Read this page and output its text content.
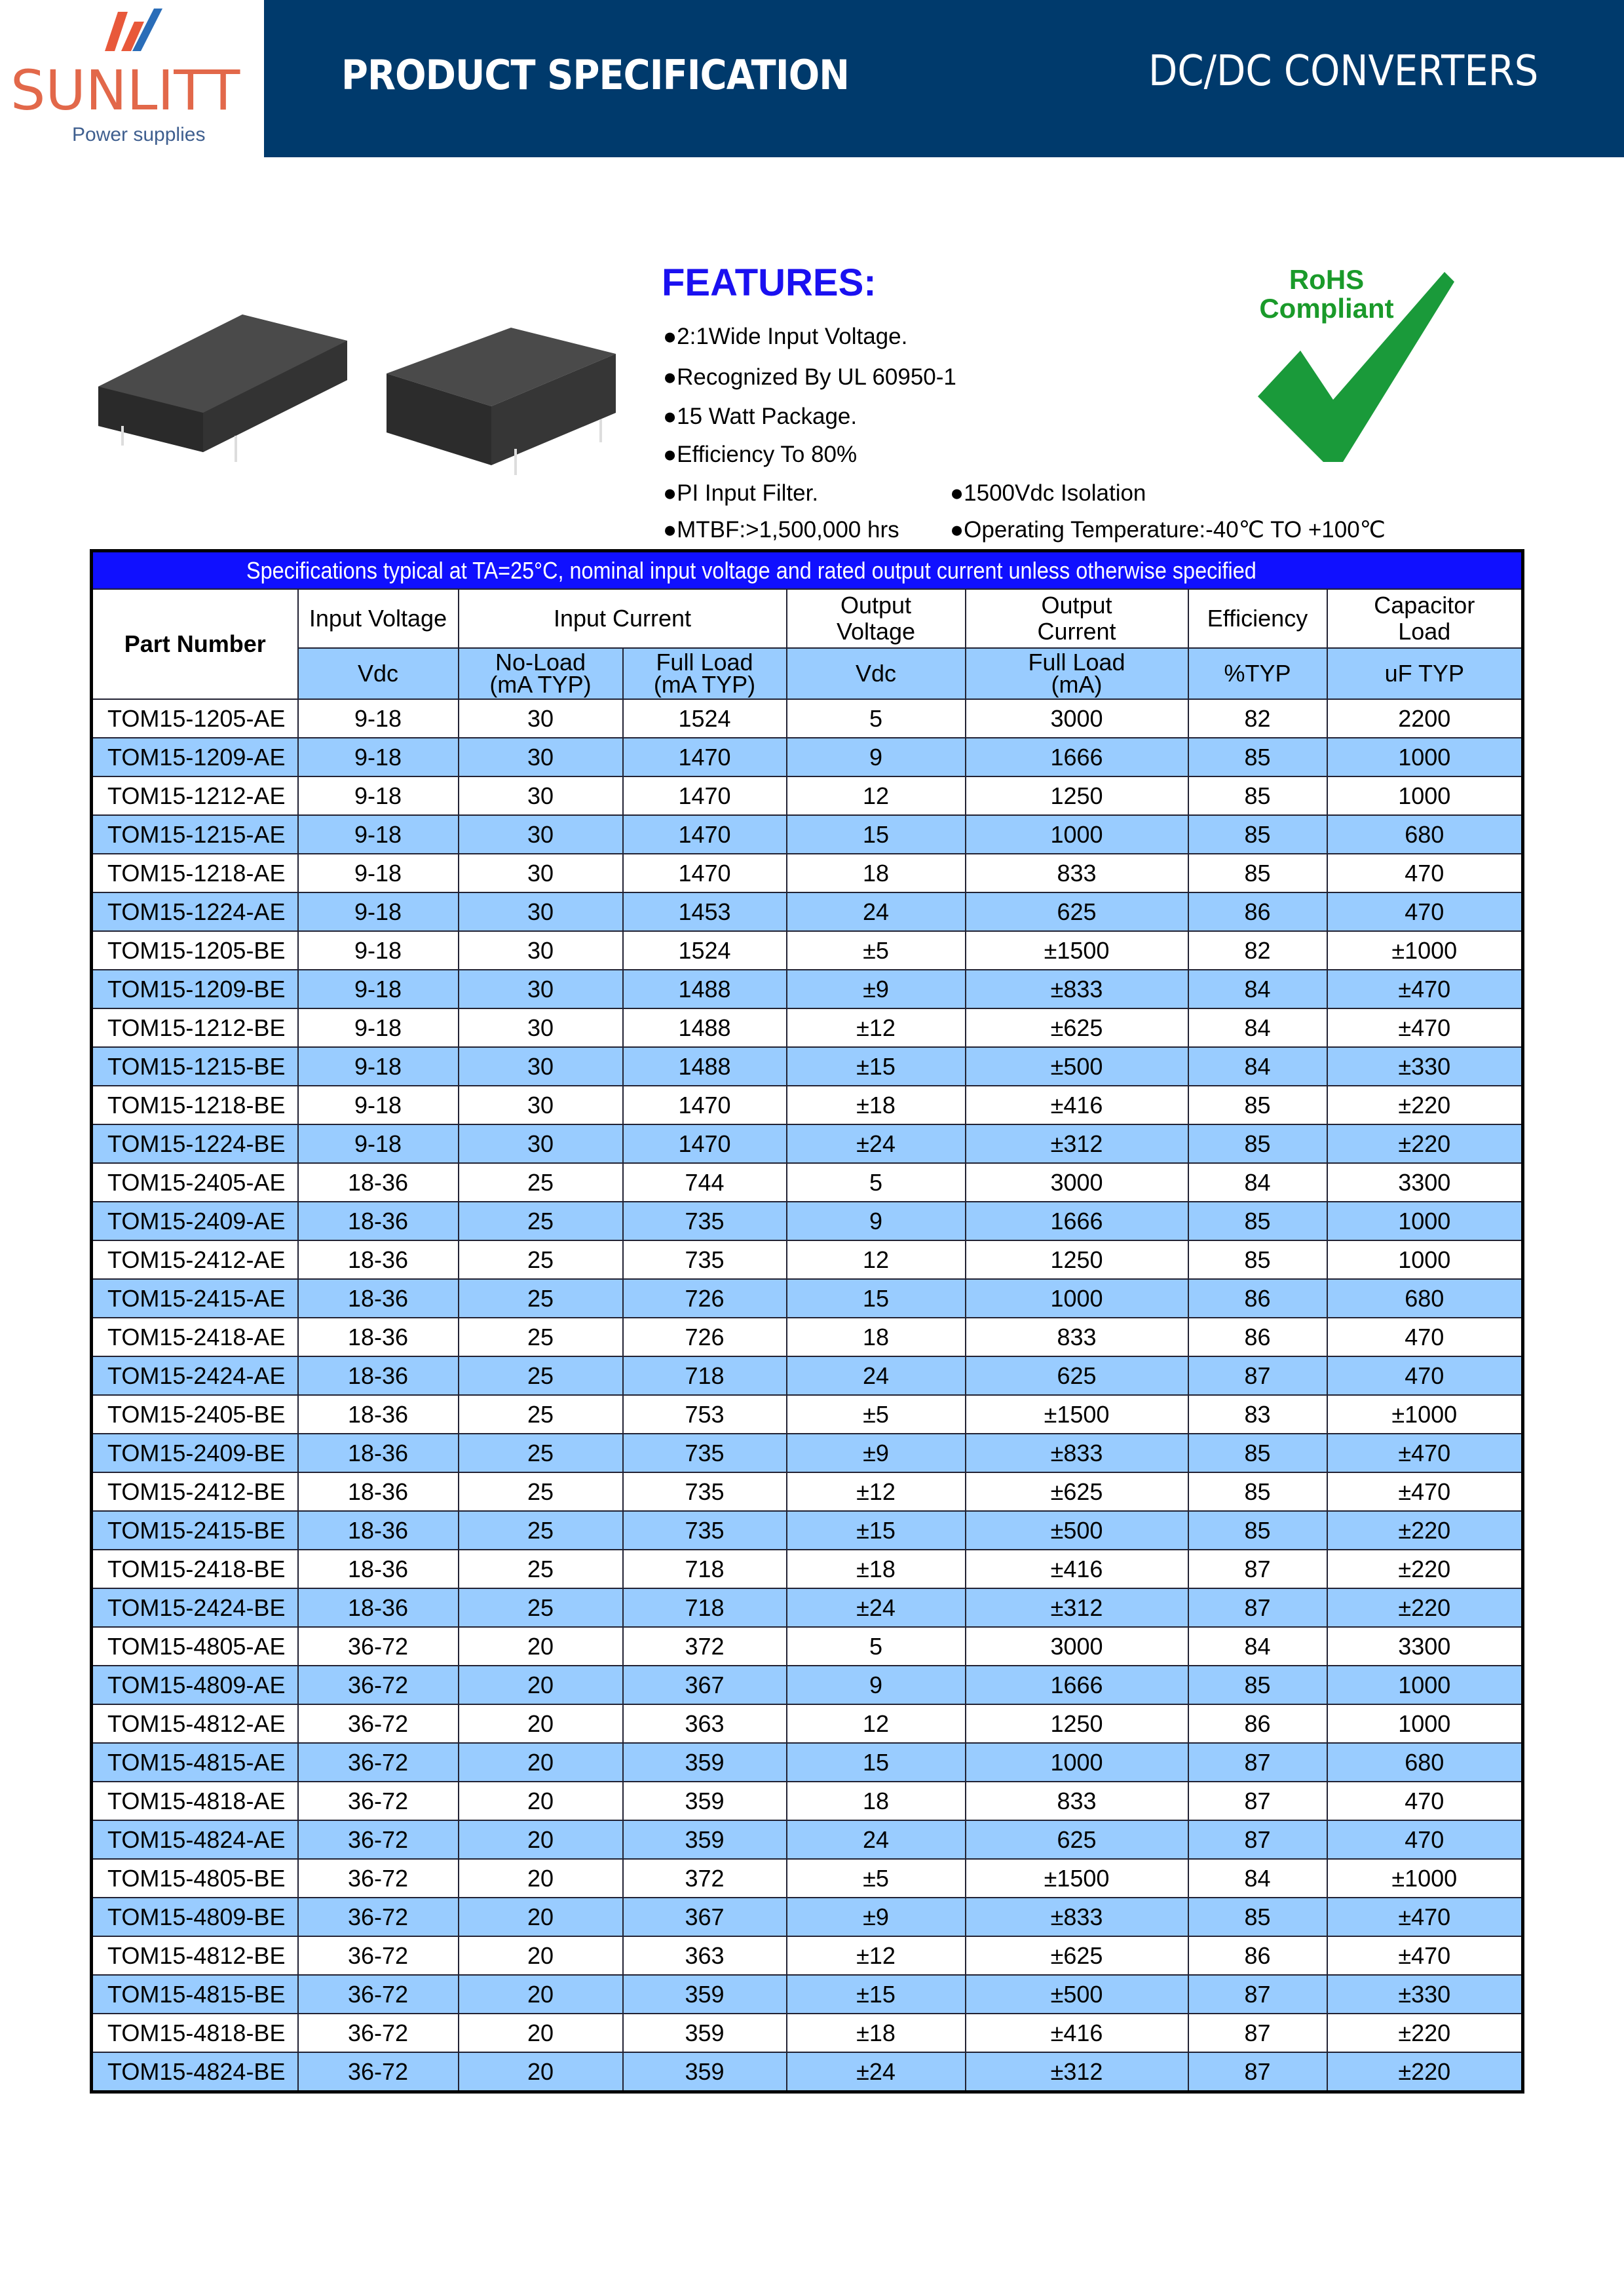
SUNLITT
Power supplies
PRODUCT SPECIFICATION	DC/DC CONVERTERS
FEATURES:
●2:1Wide Input Voltage.
●Recognized By UL 60950-1
●15 Watt Package.
●Efficiency To 80%
●PI Input Filter.	●1500Vdc Isolation
●MTBF:>1,500,000 hrs ●Operating Temperature:-40℃ TO +100℃
RoHS
Compliant
Specifications typical at TA=25°C, nominal input voltage and rated output current unless otherwise specified							
Part Number	Input Voltage	Input Current		Output Voltage	Output Current	Efficiency	Capacitor Load
	Vdc	No-Load (mA TYP)	Full Load (mA TYP)	Vdc	Full Load (mA)	%TYP	uF TYP
TOM15-1205-AE	9-18	30	1524	5	3000	82	2200
TOM15-1209-AE	9-18	30	1470	9	1666	85	1000
TOM15-1212-AE	9-18	30	1470	12	1250	85	1000
TOM15-1215-AE	9-18	30	1470	15	1000	85	680
TOM15-1218-AE	9-18	30	1470	18	833	85	470
TOM15-1224-AE	9-18	30	1453	24	625	86	470
TOM15-1205-BE	9-18	30	1524	±5	±1500	82	±1000
TOM15-1209-BE	9-18	30	1488	±9	±833	84	±470
TOM15-1212-BE	9-18	30	1488	±12	±625	84	±470
TOM15-1215-BE	9-18	30	1488	±15	±500	84	±330
TOM15-1218-BE	9-18	30	1470	±18	±416	85	±220
TOM15-1224-BE	9-18	30	1470	±24	±312	85	±220
TOM15-2405-AE	18-36	25	744	5	3000	84	3300
TOM15-2409-AE	18-36	25	735	9	1666	85	1000
TOM15-2412-AE	18-36	25	735	12	1250	85	1000
TOM15-2415-AE	18-36	25	726	15	1000	86	680
TOM15-2418-AE	18-36	25	726	18	833	86	470
TOM15-2424-AE	18-36	25	718	24	625	87	470
TOM15-2405-BE	18-36	25	753	±5	±1500	83	±1000
TOM15-2409-BE	18-36	25	735	±9	±833	85	±470
TOM15-2412-BE	18-36	25	735	±12	±625	85	±470
TOM15-2415-BE	18-36	25	735	±15	±500	85	±220
TOM15-2418-BE	18-36	25	718	±18	±416	87	±220
TOM15-2424-BE	18-36	25	718	±24	±312	87	±220
TOM15-4805-AE	36-72	20	372	5	3000	84	3300
TOM15-4809-AE	36-72	20	367	9	1666	85	1000
TOM15-4812-AE	36-72	20	363	12	1250	86	1000
TOM15-4815-AE	36-72	20	359	15	1000	87	680
TOM15-4818-AE	36-72	20	359	18	833	87	470
TOM15-4824-AE	36-72	20	359	24	625	87	470
TOM15-4805-BE	36-72	20	372	±5	±1500	84	±1000
TOM15-4809-BE	36-72	20	367	±9	±833	85	±470
TOM15-4812-BE	36-72	20	363	±12	±625	86	±470
TOM15-4815-BE	36-72	20	359	±15	±500	87	±330
TOM15-4818-BE	36-72	20	359	±18	±416	87	±220
TOM15-4824-BE	36-72	20	359	±24	±312	87	±220
